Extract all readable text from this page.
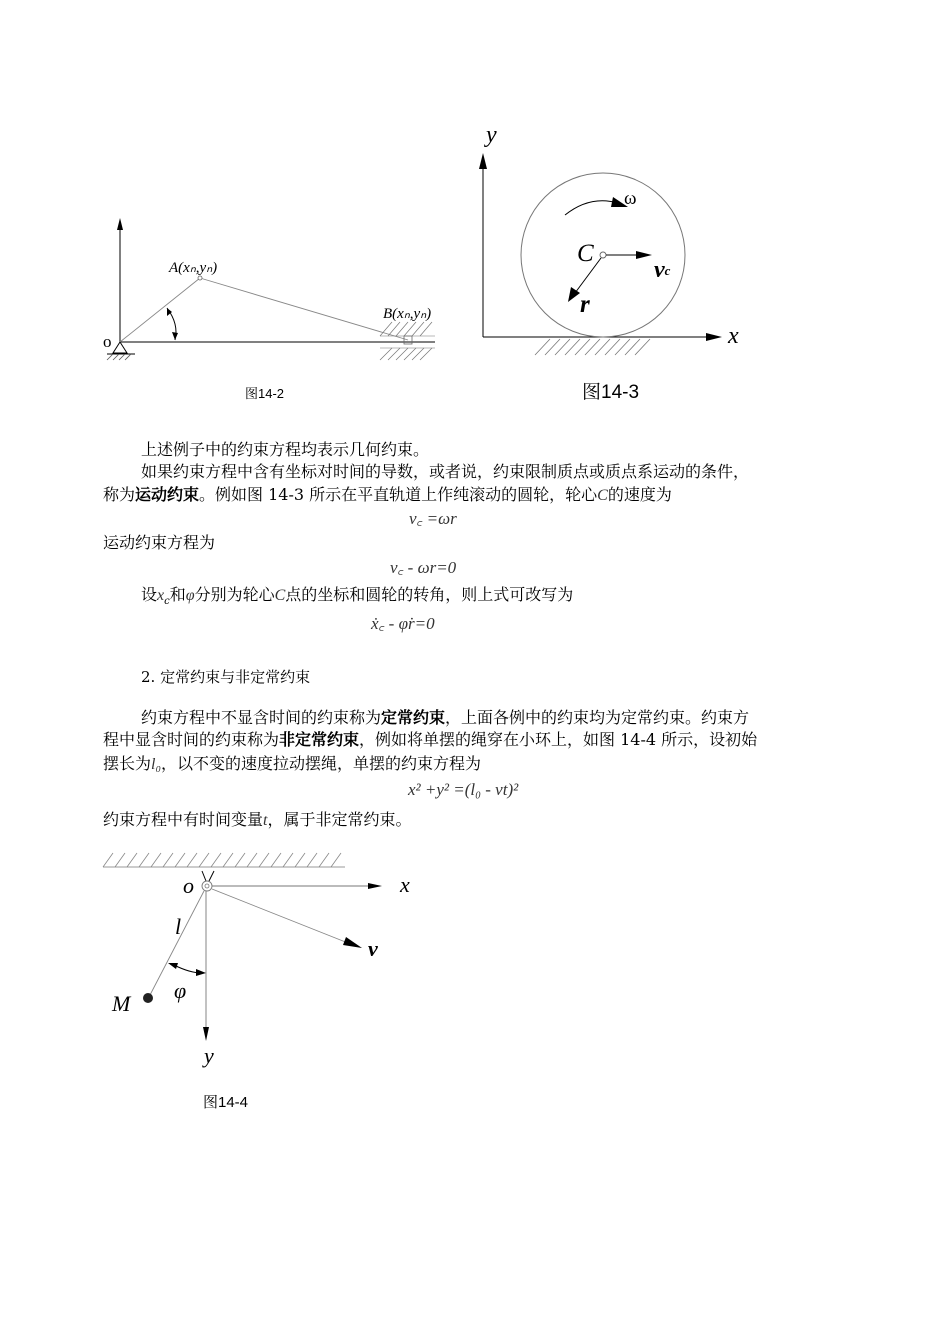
o
A(xₙ,yₙ)
B(xₙ,yₙ)
图14-2
y
x
C
ω
vc
r
图14-3
上述例子中的约束方程均表示几何约束。
如果约束方程中含有坐标对时间的导数，或者说，约束限制质点或质点系运动的条件，
称为运动约束。例如图 14-3 所示在平直轨道上作纯滚动的圆轮，轮心C的速度为
v꜀ =ωr
运动约束方程为
v꜀ - ωr=0
设$x_c$和φ分别为轮心C点的坐标和圆轮的转角，则上式可改写为
ẋ꜀ - φ̇r=0
2. 定常约束与非定常约束
约束方程中不显含时间的约束称为定常约束，上面各例中的约束均为定常约束。约束方
程中显含时间的约束称为非定常约束，例如将单摆的绳穿在小环上，如图 14-4 所示，设初始
摆长为l₀，以不变的速度拉动摆绳，单摆的约束方程为
x² +y² =(l₀ - vt)²
约束方程中有时间变量t，属于非定常约束。
o	x
v
l
φ
M
y
图14-4
